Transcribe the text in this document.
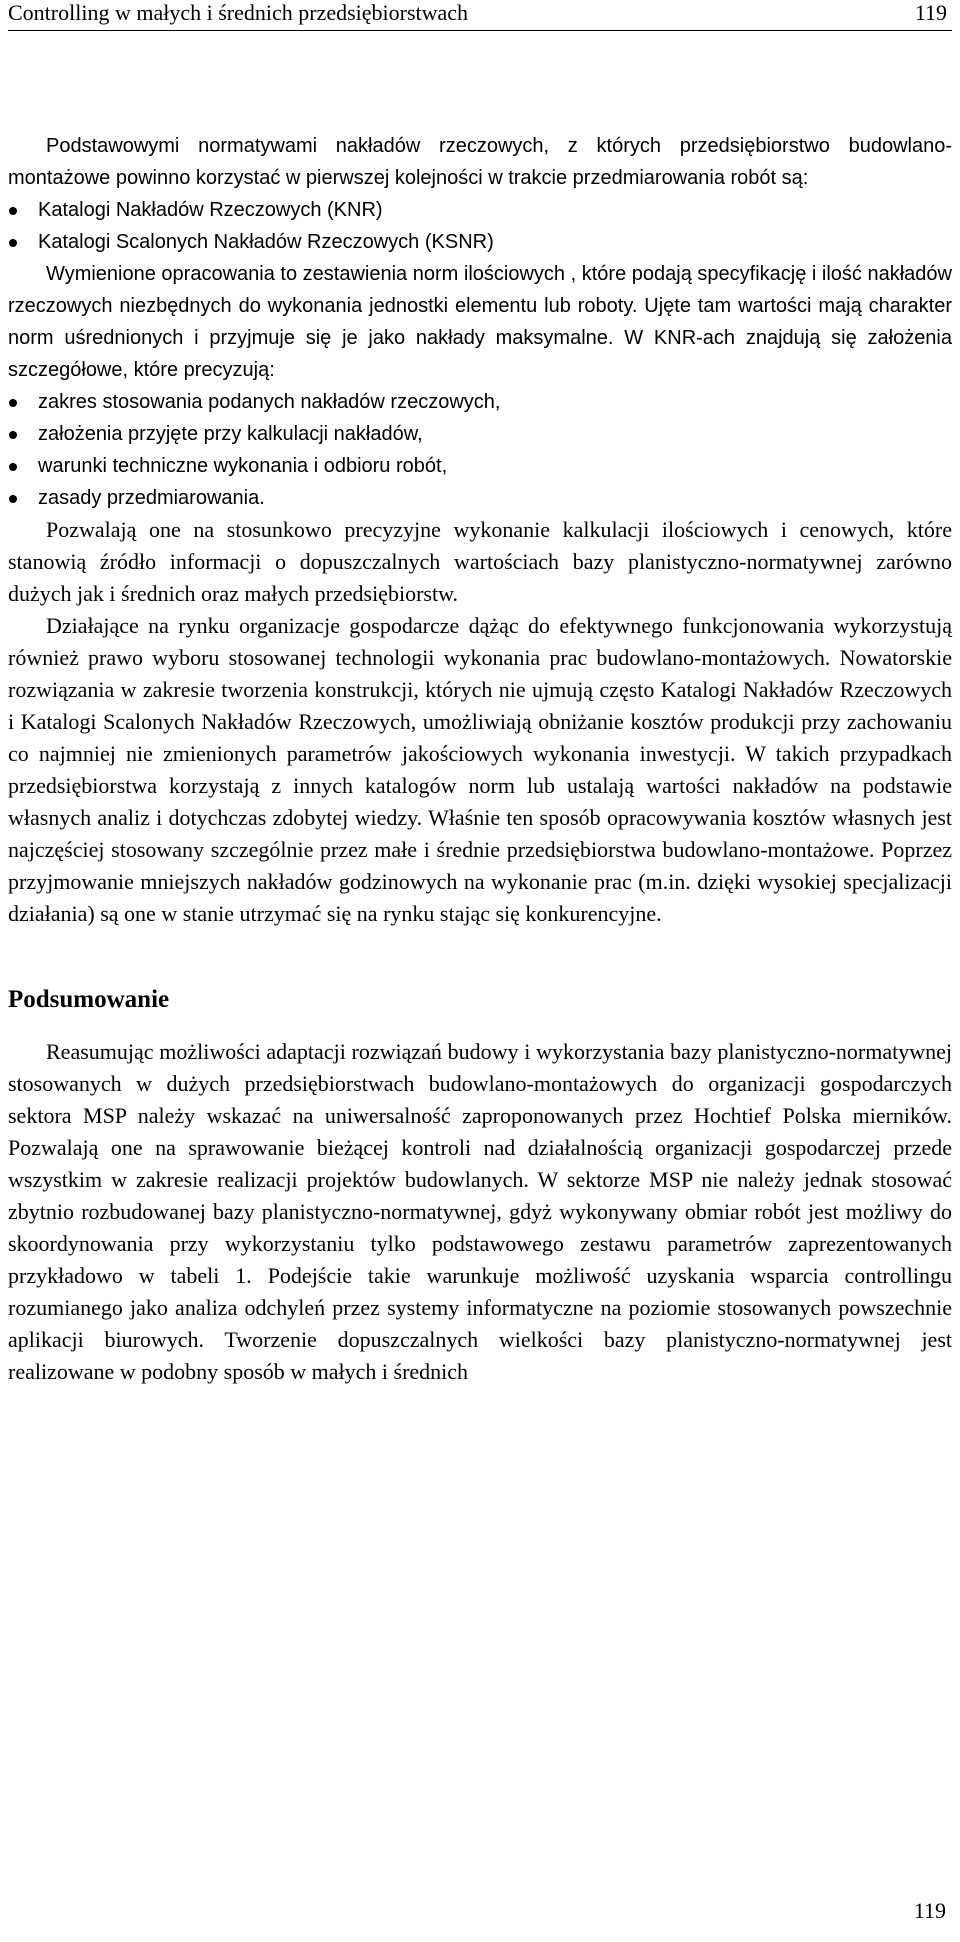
Controlling w małych i średnich przedsiębiorstwach	119

Podstawowymi normatywami nakładów rzeczowych, z których przedsiębiorstwo budowlano-montażowe powinno korzystać w pierwszej kolejności w trakcie przedmiarowania robót są:

Katalogi Nakładów Rzeczowych (KNR)
Katalogi Scalonych Nakładów Rzeczowych (KSNR)

Wymienione opracowania to zestawienia norm ilościowych , które podają specyfikację i ilość nakładów rzeczowych niezbędnych do wykonania jednostki elementu lub roboty. Ujęte tam wartości mają charakter norm uśrednionych i przyjmuje się je jako nakłady maksymalne. W KNR-ach znajdują się założenia szczegółowe, które precyzują:

zakres stosowania podanych nakładów rzeczowych,
założenia przyjęte przy kalkulacji nakładów,
warunki techniczne wykonania i odbioru robót,
zasady przedmiarowania.

Pozwalają one na stosunkowo precyzyjne wykonanie kalkulacji ilościowych i cenowych, które stanowią źródło informacji o dopuszczalnych wartościach bazy planistyczno-normatywnej zarówno dużych jak i średnich oraz małych przedsiębiorstw.

Działające na rynku organizacje gospodarcze dążąc do efektywnego funkcjonowania wykorzystują również prawo wyboru stosowanej technologii wykonania prac budowlano-montażowych. Nowatorskie rozwiązania w zakresie tworzenia konstrukcji, których nie ujmują często Katalogi Nakładów Rzeczowych i Katalogi Scalonych Nakładów Rzeczowych, umożliwiają obniżanie kosztów produkcji przy zachowaniu co najmniej nie zmienionych parametrów jakościowych wykonania inwestycji. W takich przypadkach przedsiębiorstwa korzystają z innych katalogów norm lub ustalają wartości nakładów na podstawie własnych analiz i dotychczas zdobytej wiedzy. Właśnie ten sposób opracowywania kosztów własnych jest najczęściej stosowany szczególnie przez małe i średnie przedsiębiorstwa budowlano-montażowe. Poprzez przyjmowanie mniejszych nakładów godzinowych na wykonanie prac (m.in. dzięki wysokiej specjalizacji działania) są one w stanie utrzymać się na rynku stając się konkurencyjne.

Podsumowanie

Reasumując możliwości adaptacji rozwiązań budowy i wykorzystania bazy planistyczno-normatywnej stosowanych w dużych przedsiębiorstwach budowlano-montażowych do organizacji gospodarczych sektora MSP należy wskazać na uniwersalność zaproponowanych przez Hochtief Polska mierników. Pozwalają one na sprawowanie bieżącej kontroli nad działalnością organizacji gospodarczej przede wszystkim w zakresie realizacji projektów budowlanych. W sektorze MSP nie należy jednak stosować zbytnio rozbudowanej bazy planistyczno-normatywnej, gdyż wykonywany obmiar robót jest możliwy do skoordynowania przy wykorzystaniu tylko podstawowego zestawu parametrów zaprezentowanych przykładowo w tabeli 1. Podejście takie warunkuje możliwość uzyskania wsparcia controllingu rozumianego jako analiza odchyleń przez systemy informatyczne na poziomie stosowanych powszechnie aplikacji biurowych. Tworzenie dopuszczalnych wielkości bazy planistyczno-normatywnej jest realizowane w podobny sposób w małych i średnich

119
